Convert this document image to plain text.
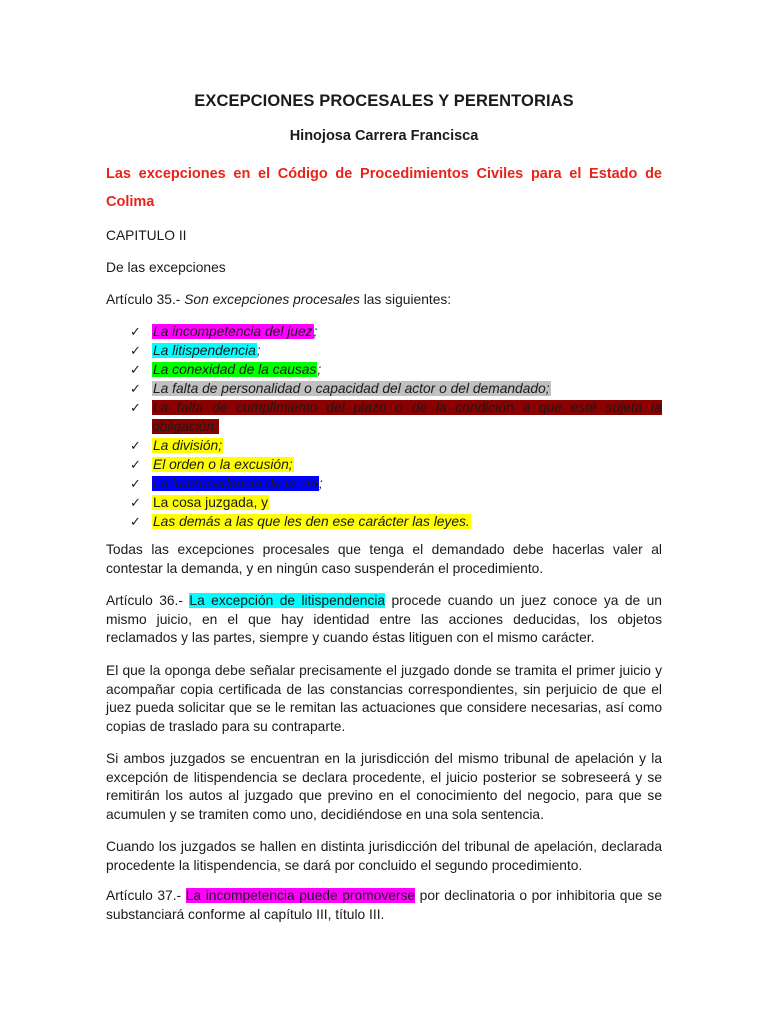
EXCEPCIONES PROCESALES Y PERENTORIAS
Hinojosa Carrera Francisca
Las excepciones en el Código de Procedimientos Civiles para el Estado de Colima
CAPITULO II
De las excepciones
Artículo 35.- Son excepciones procesales las siguientes:
✓ La incompetencia del juez;
✓ La litispendencia;
✓ La conexidad de la causas;
✓ La falta de personalidad o capacidad del actor o del demandado;
✓ La falta de cumplimiento del plazo o de la condición a que esté sujeta la obligación;
✓ La división;
✓ El orden o la excusión;
✓ La improcedencia de la vía;
✓ La cosa juzgada, y
✓ Las demás a las que les den ese carácter las leyes.
Todas las excepciones procesales que tenga el demandado debe hacerlas valer al contestar la demanda, y en ningún caso suspenderán el procedimiento.
Artículo 36.- La excepción de litispendencia procede cuando un juez conoce ya de un mismo juicio, en el que hay identidad entre las acciones deducidas, los objetos reclamados y las partes, siempre y cuando éstas litiguen con el mismo carácter.
El que la oponga debe señalar precisamente el juzgado donde se tramita el primer juicio y acompañar copia certificada de las constancias correspondientes, sin perjuicio de que el juez pueda solicitar que se le remitan las actuaciones que considere necesarias, así como copias de traslado para su contraparte.
Si ambos juzgados se encuentran en la jurisdicción del mismo tribunal de apelación y la excepción de litispendencia se declara procedente, el juicio posterior se sobreseerá y se remitirán los autos al juzgado que previno en el conocimiento del negocio, para que se acumulen y se tramiten como uno, decidiéndose en una sola sentencia.
Cuando los juzgados se hallen en distinta jurisdicción del tribunal de apelación, declarada procedente la litispendencia, se dará por concluido el segundo procedimiento.
Artículo 37.- La incompetencia puede promoverse por declinatoria o por inhibitoria que se substanciará conforme al capítulo III, título III.
